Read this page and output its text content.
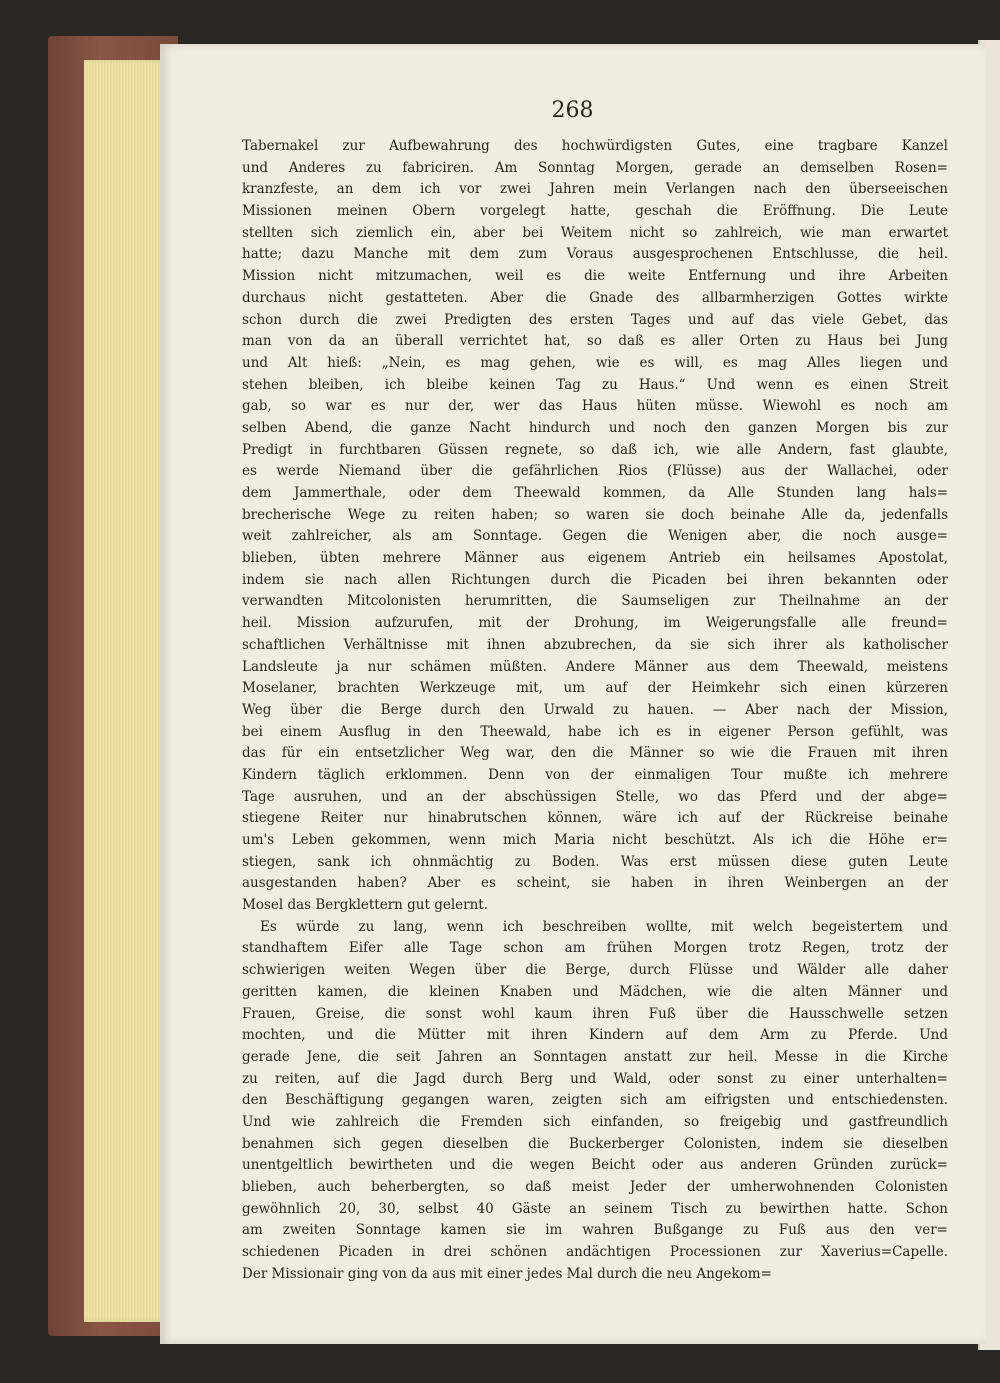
268
Tabernakel zur Aufbewahrung des hochwürdigsten Gutes, eine tragbare Kanzel
und Anderes zu fabriciren. Am Sonntag Morgen, gerade an demselben Rosen=
kranzfeste, an dem ich vor zwei Jahren mein Verlangen nach den überseeischen
Missionen meinen Obern vorgelegt hatte, geschah die Eröffnung. Die Leute
stellten sich ziemlich ein, aber bei Weitem nicht so zahlreich, wie man erwartet
hatte; dazu Manche mit dem zum Voraus ausgesprochenen Entschlusse, die heil.
Mission nicht mitzumachen, weil es die weite Entfernung und ihre Arbeiten
durchaus nicht gestatteten. Aber die Gnade des allbarmherzigen Gottes wirkte
schon durch die zwei Predigten des ersten Tages und auf das viele Gebet, das
man von da an überall verrichtet hat, so daß es aller Orten zu Haus bei Jung
und Alt hieß: „Nein, es mag gehen, wie es will, es mag Alles liegen und
stehen bleiben, ich bleibe keinen Tag zu Haus.“ Und wenn es einen Streit
gab, so war es nur der, wer das Haus hüten müsse. Wiewohl es noch am
selben Abend, die ganze Nacht hindurch und noch den ganzen Morgen bis zur
Predigt in furchtbaren Güssen regnete, so daß ich, wie alle Andern, fast glaubte,
es werde Niemand über die gefährlichen Rios (Flüsse) aus der Wallachei, oder
dem Jammerthale, oder dem Theewald kommen, da Alle Stunden lang hals=
brecherische Wege zu reiten haben; so waren sie doch beinahe Alle da, jedenfalls
weit zahlreicher, als am Sonntage. Gegen die Wenigen aber, die noch ausge=
blieben, übten mehrere Männer aus eigenem Antrieb ein heilsames Apostolat,
indem sie nach allen Richtungen durch die Picaden bei ihren bekannten oder
verwandten Mitcolonisten herumritten, die Saumseligen zur Theilnahme an der
heil. Mission aufzurufen, mit der Drohung, im Weigerungsfalle alle freund=
schaftlichen Verhältnisse mit ihnen abzubrechen, da sie sich ihrer als katholischer
Landsleute ja nur schämen müßten. Andere Männer aus dem Theewald, meistens
Moselaner, brachten Werkzeuge mit, um auf der Heimkehr sich einen kürzeren
Weg über die Berge durch den Urwald zu hauen. — Aber nach der Mission,
bei einem Ausflug in den Theewald, habe ich es in eigener Person gefühlt, was
das für ein entsetzlicher Weg war, den die Männer so wie die Frauen mit ihren
Kindern täglich erklommen. Denn von der einmaligen Tour mußte ich mehrere
Tage ausruhen, und an der abschüssigen Stelle, wo das Pferd und der abge=
stiegene Reiter nur hinabrutschen können, wäre ich auf der Rückreise beinahe
um's Leben gekommen, wenn mich Maria nicht beschützt. Als ich die Höhe er=
stiegen, sank ich ohnmächtig zu Boden. Was erst müssen diese guten Leute
ausgestanden haben? Aber es scheint, sie haben in ihren Weinbergen an der
Mosel das Bergklettern gut gelernt.
Es würde zu lang, wenn ich beschreiben wollte, mit welch begeistertem und
standhaftem Eifer alle Tage schon am frühen Morgen trotz Regen, trotz der
schwierigen weiten Wegen über die Berge, durch Flüsse und Wälder alle daher
geritten kamen, die kleinen Knaben und Mädchen, wie die alten Männer und
Frauen, Greise, die sonst wohl kaum ihren Fuß über die Hausschwelle setzen
mochten, und die Mütter mit ihren Kindern auf dem Arm zu Pferde. Und
gerade Jene, die seit Jahren an Sonntagen anstatt zur heil. Messe in die Kirche
zu reiten, auf die Jagd durch Berg und Wald, oder sonst zu einer unterhalten=
den Beschäftigung gegangen waren, zeigten sich am eifrigsten und entschiedensten.
Und wie zahlreich die Fremden sich einfanden, so freigebig und gastfreundlich
benahmen sich gegen dieselben die Buckerberger Colonisten, indem sie dieselben
unentgeltlich bewirtheten und die wegen Beicht oder aus anderen Gründen zurück=
blieben, auch beherbergten, so daß meist Jeder der umherwohnenden Colonisten
gewöhnlich 20, 30, selbst 40 Gäste an seinem Tisch zu bewirthen hatte. Schon
am zweiten Sonntage kamen sie im wahren Bußgange zu Fuß aus den ver=
schiedenen Picaden in drei schönen andächtigen Processionen zur Xaverius=Capelle.
Der Missionair ging von da aus mit einer jedes Mal durch die neu Angekom=
